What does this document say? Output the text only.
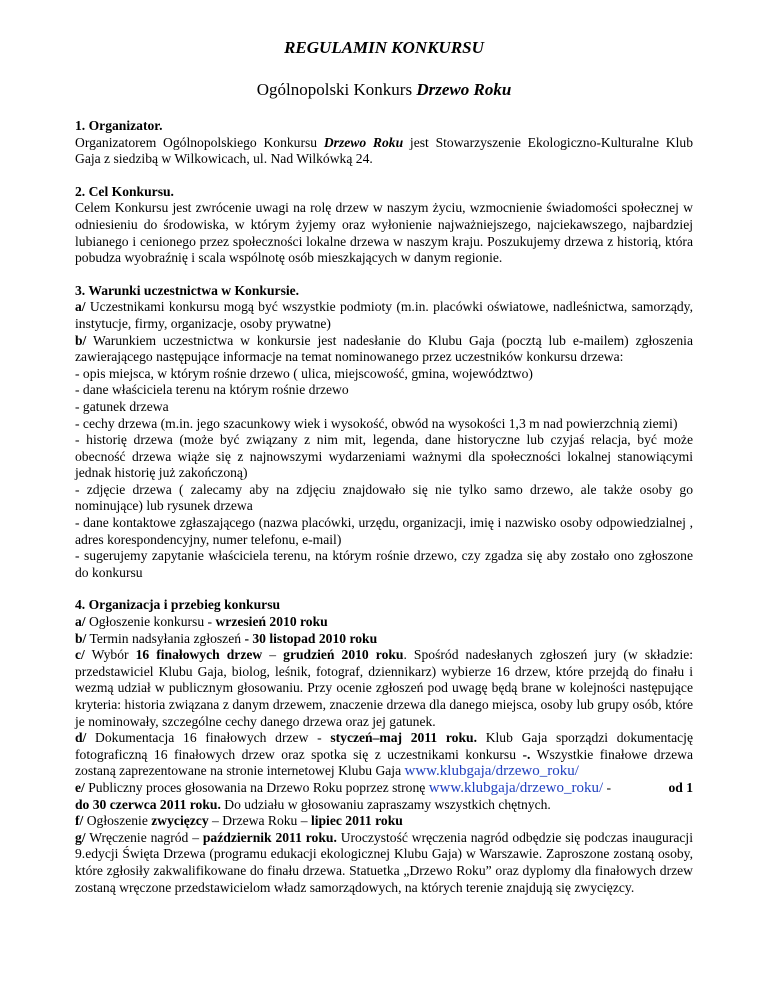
REGULAMIN KONKURSU
Ogólnopolski Konkurs Drzewo Roku

1. Organizator.

Organizatorem Ogólnopolskiego Konkursu Drzewo Roku jest Stowarzyszenie Ekologiczno-Kulturalne Klub Gaja z siedzibą w Wilkowicach, ul. Nad Wilkówką 24.

2. Cel Konkursu.

Celem Konkursu jest zwrócenie uwagi na rolę drzew w naszym życiu, wzmocnienie świadomości społecznej w odniesieniu do środowiska, w którym żyjemy oraz wyłonienie najważniejszego, najciekawszego, najbardziej lubianego i cenionego przez społeczności lokalne drzewa w naszym kraju. Poszukujemy drzewa z historią, która pobudza wyobraźnię i scala wspólnotę osób mieszkających w danym regionie.

3. Warunki uczestnictwa w Konkursie.

a/ Uczestnikami konkursu mogą być wszystkie podmioty (m.in. placówki oświatowe, nadleśnictwa, samorządy, instytucje, firmy, organizacje, osoby prywatne)

b/ Warunkiem uczestnictwa w konkursie jest nadesłanie do Klubu Gaja (pocztą lub e-mailem) zgłoszenia zawierającego następujące informacje na temat nominowanego przez uczestników konkursu drzewa:

- opis miejsca, w którym rośnie drzewo ( ulica, miejscowość, gmina, województwo)

- dane właściciela terenu na którym rośnie drzewo

- gatunek drzewa

- cechy drzewa (m.in. jego szacunkowy wiek i wysokość, obwód na wysokości 1,3 m nad powierzchnią ziemi)

- historię drzewa (może być związany z nim mit, legenda, dane historyczne lub czyjaś relacja, być może obecność drzewa wiąże się z najnowszymi wydarzeniami ważnymi dla społeczności lokalnej stanowiącymi jednak historię już zakończoną)

- zdjęcie drzewa ( zalecamy aby na zdjęciu znajdowało się nie tylko samo drzewo, ale także osoby go nominujące) lub rysunek drzewa

- dane kontaktowe zgłaszającego (nazwa placówki, urzędu, organizacji, imię i nazwisko osoby odpowiedzialnej , adres korespondencyjny, numer telefonu, e-mail)

- sugerujemy zapytanie właściciela terenu, na którym rośnie drzewo, czy zgadza się aby zostało ono zgłoszone do konkursu

4. Organizacja i przebieg konkursu

a/ Ogłoszenie konkursu - wrzesień 2010 roku

b/ Termin nadsyłania zgłoszeń - 30 listopad 2010 roku

c/ Wybór 16 finałowych drzew – grudzień 2010 roku. Spośród nadesłanych zgłoszeń jury (w składzie: przedstawiciel Klubu Gaja, biolog, leśnik, fotograf, dziennikarz) wybierze 16 drzew, które przejdą do finału i wezmą udział w publicznym głosowaniu. Przy ocenie zgłoszeń pod uwagę będą brane w kolejności następujące kryteria: historia związana z danym drzewem, znaczenie drzewa dla danego miejsca, osoby lub grupy osób, które je nominowały, szczególne cechy danego drzewa oraz jej gatunek.

d/ Dokumentacja 16 finałowych drzew - styczeń–maj 2011 roku. Klub Gaja sporządzi dokumentację fotograficzną 16 finałowych drzew oraz spotka się z uczestnikami konkursu -. Wszystkie finałowe drzewa zostaną zaprezentowane na stronie internetowej Klubu Gaja www.klubgaja/drzewo_roku/

od 1
e/ Publiczny proces głosowania na Drzewo Roku poprzez stronę www.klubgaja/drzewo_roku/ -
do 30 czerwca 2011 roku. Do udziału w głosowaniu zapraszamy wszystkich chętnych.

f/ Ogłoszenie zwycięzcy – Drzewa Roku – lipiec 2011 roku

g/ Wręczenie nagród – październik 2011 roku. Uroczystość wręczenia nagród odbędzie się podczas inauguracji 9.edycji Święta Drzewa (programu edukacji ekologicznej Klubu Gaja) w Warszawie. Zaproszone zostaną osoby, które zgłosiły zakwalifikowane do finału drzewa. Statuetka „Drzewo Roku” oraz dyplomy dla finałowych drzew zostaną wręczone przedstawicielom władz samorządowych, na których terenie znajdują się zwycięzcy.
